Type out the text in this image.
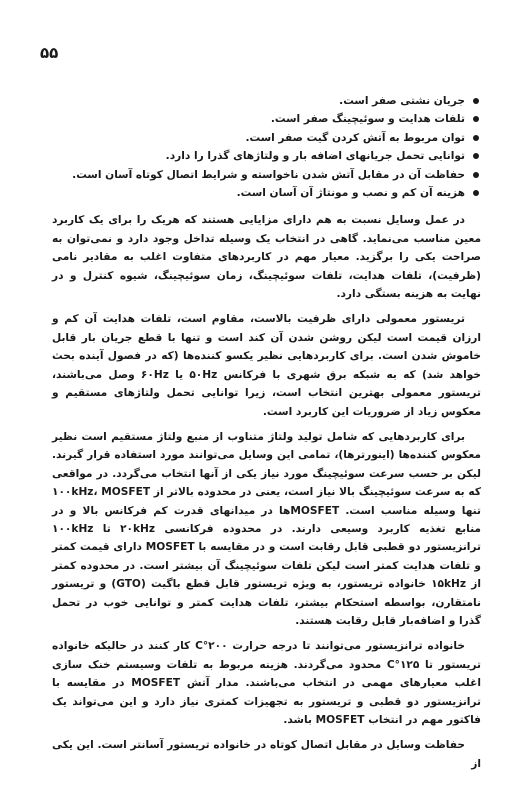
۵۵
جریان نشتی صفر است.
تلفات هدایت و سوئیچینگ صفر است.
توان مربوط به آتش کردن گیت صفر است.
توانایی تحمل جریانهای اضافه بار و ولتاژهای گذرا را دارد.
حفاظت آن در مقابل آتش شدن ناخواسته و شرایط اتصال کوتاه آسان است.
هزینه آن کم و نصب و مونتاژ آن آسان است.

در عمل وسایل نسبت به هم دارای مزایایی هستند که هریک را برای یک کاربرد معین مناسب می‌نماید. گاهی در انتخاب یک وسیله تداخل وجود دارد و نمی‌توان به صراحت یکی را برگزید. معیار مهم در کاربردهای متفاوت اغلب به مقادیر نامی (ظرفیت)، تلفات هدایت، تلفات سوئیچینگ، زمان سوئیچینگ، شیوه کنترل و در نهایت به هزینه بستگی دارد.

تریستور معمولی دارای ظرفیت بالاست، مقاوم است، تلفات هدایت آن کم و ارزان قیمت است لیکن روشن شدن آن کند است و تنها با قطع جریان بار قابل خاموش شدن است. برای کاربردهایی نظیر یکسو کننده‌ها (که در فصول آینده بحث خواهد شد) که به شبکه برق شهری با فرکانس ۵۰Hz یا ۶۰Hz وصل می‌باشند، تریستور معمولی بهترین انتخاب است، زیرا توانایی تحمل ولتاژهای مستقیم و معکوس زیاد از ضروریات این کاربرد است.

برای کاربردهایی که شامل تولید ولتاژ متناوب از منبع ولتاژ مستقیم است نظیر معکوس کننده‌ها (اینورترها)، تمامی این وسایل می‌توانند مورد استفاده قرار گیرند. لیکن بر حسب سرعت سوئیچینگ مورد نیاز یکی از آنها انتخاب می‌گردد. در مواقعی که به سرعت سوئیچینگ بالا نیاز است، یعنی در محدوده بالاتر از ۱۰۰kHz، MOSFET تنها وسیله مناسب است. MOSFETها در میدانهای قدرت کم فرکانس بالا و در منابع تغذیه کاربرد وسیعی دارند. در محدوده فرکانسی ۲۰kHz تا ۱۰۰kHz ترانزیستور دو قطبی قابل رقابت است و در مقایسه با MOSFET دارای قیمت کمتر و تلفات هدایت کمتر است لیکن تلفات سوئیچینگ آن بیشتر است. در محدوده کمتر از ۱۵kHz خانواده تریستور، به ویژه تریستور قابل قطع باگیت (GTO) و تریستور نامتقارن، بواسطه استحکام بیشتر، تلفات هدایت کمتر و توانایی خوب در تحمل گذرا و اضافه‌بار قابل رقابت هستند.

خانواده ترانزیستور می‌توانند تا درجه حرارت ۲۰۰°C کار کنند در حالیکه خانواده تریستور تا ۱۲۵°C محدود می‌گردند. هزینه مربوط به تلفات وسیستم خنک سازی اغلب معیارهای مهمی در انتخاب می‌باشند. مدار آتش MOSFET در مقایسه با ترانزیستور دو قطبی و تریستور به تجهیزات کمتری نیاز دارد و این می‌تواند یک فاکتور مهم در انتخاب MOSFET باشد.

حفاظت وسایل در مقابل اتصال کوتاه در خانواده تریستور آسانتر است. این یکی از
